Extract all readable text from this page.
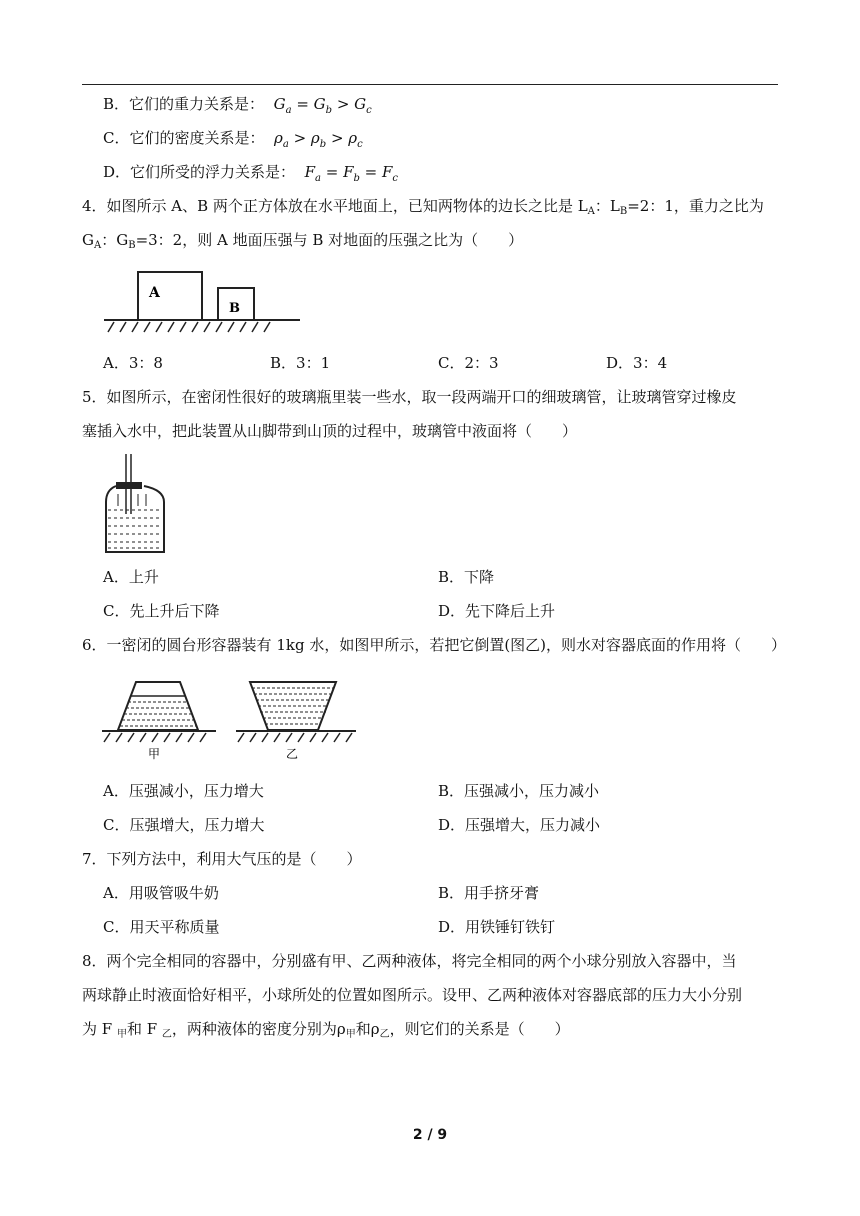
B．它们的重力关系是：  $G_a = G_b > G_c$
C．它们的密度关系是：  $\rho_a > \rho_b > \rho_c$
D．它们所受的浮力关系是：  $F_a = F_b = F_c$
4．如图所示 A、B 两个正方体放在水平地面上，已知两物体的边长之比是 $L_A$：$L_B=2$：1，重力之比为
$G_A$：$G_B=3$：2，则 A 地面压强与 B 对地面的压强之比为（　　）
A
B
A．3：8	B．3：1	C．2：3	D．3：4
5．如图所示，在密闭性很好的玻璃瓶里装一些水，取一段两端开口的细玻璃管，让玻璃管穿过橡皮
塞插入水中，把此装置从山脚带到山顶的过程中，玻璃管中液面将（　　）
A．上升	B．下降
C．先上升后下降	D．先下降后上升
6．一密闭的圆台形容器装有 1kg 水，如图甲所示，若把它倒置(图乙)，则水对容器底面的作用将（　　）
甲	乙
A．压强减小，压力增大	B．压强减小，压力减小
C．压强增大，压力增大	D．压强增大，压力减小
7．下列方法中，利用大气压的是（　　）
A．用吸管吸牛奶	B．用手挤牙膏
C．用天平称质量	D．用铁锤钉铁钉
8．两个完全相同的容器中，分别盛有甲、乙两种液体，将完全相同的两个小球分别放入容器中，当
两球静止时液面恰好相平，小球所处的位置如图所示。设甲、乙两种液体对容器底部的压力大小分别
为 F $_甲$和 F $_乙$，两种液体的密度分别为$\rho_甲$和$\rho_乙$，则它们的关系是（　　）
2 / 9
